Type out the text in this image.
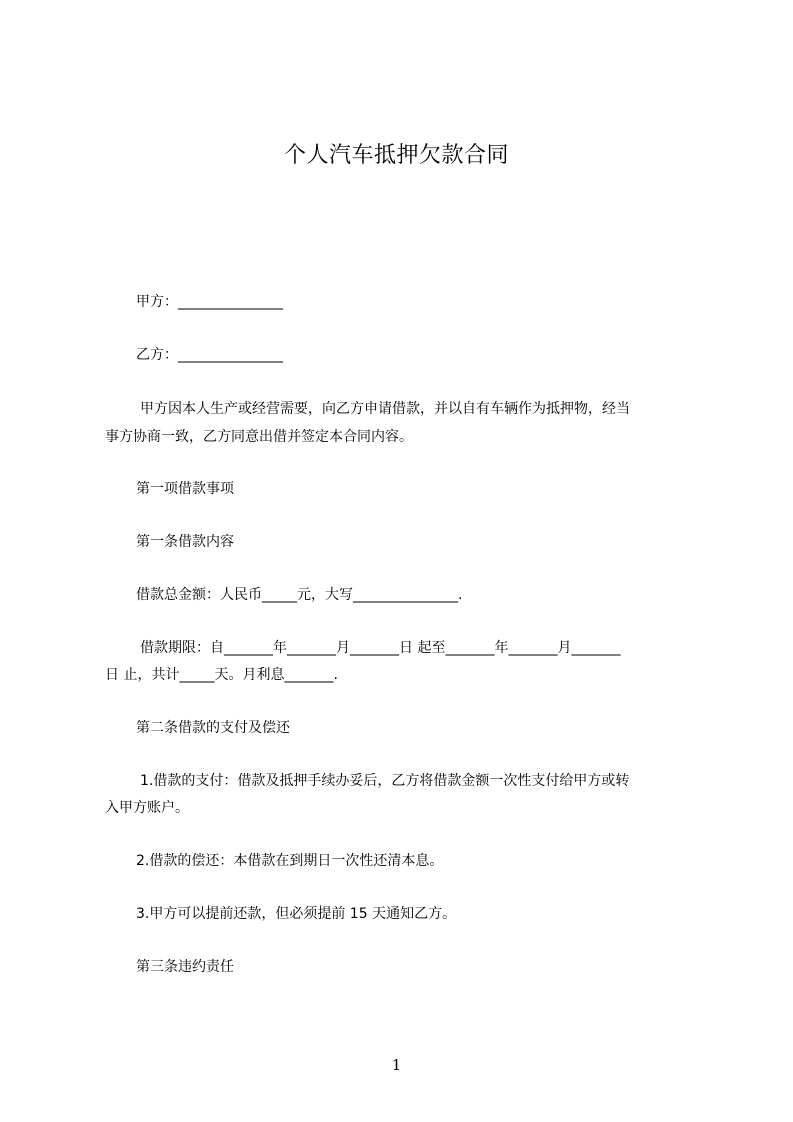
个人汽车抵押欠款合同
甲方：_______________
乙方：_______________
甲方因本人生产或经营需要，向乙方申请借款，并以自有车辆作为抵押物，经当
事方协商一致，乙方同意出借并签定本合同内容。
第一项借款事项
第一条借款内容
借款总金额：人民币_____元，大写_______________.
借款期限：自_______年_______月_______日 起至_______年_______月_______
日 止，共计_____天。月利息_______.
第二条借款的支付及偿还
1.借款的支付：借款及抵押手续办妥后，乙方将借款金额一次性支付给甲方或转
入甲方账户。
2.借款的偿还：本借款在到期日一次性还清本息。
3.甲方可以提前还款，但必须提前 15 天通知乙方。
第三条违约责任
1
